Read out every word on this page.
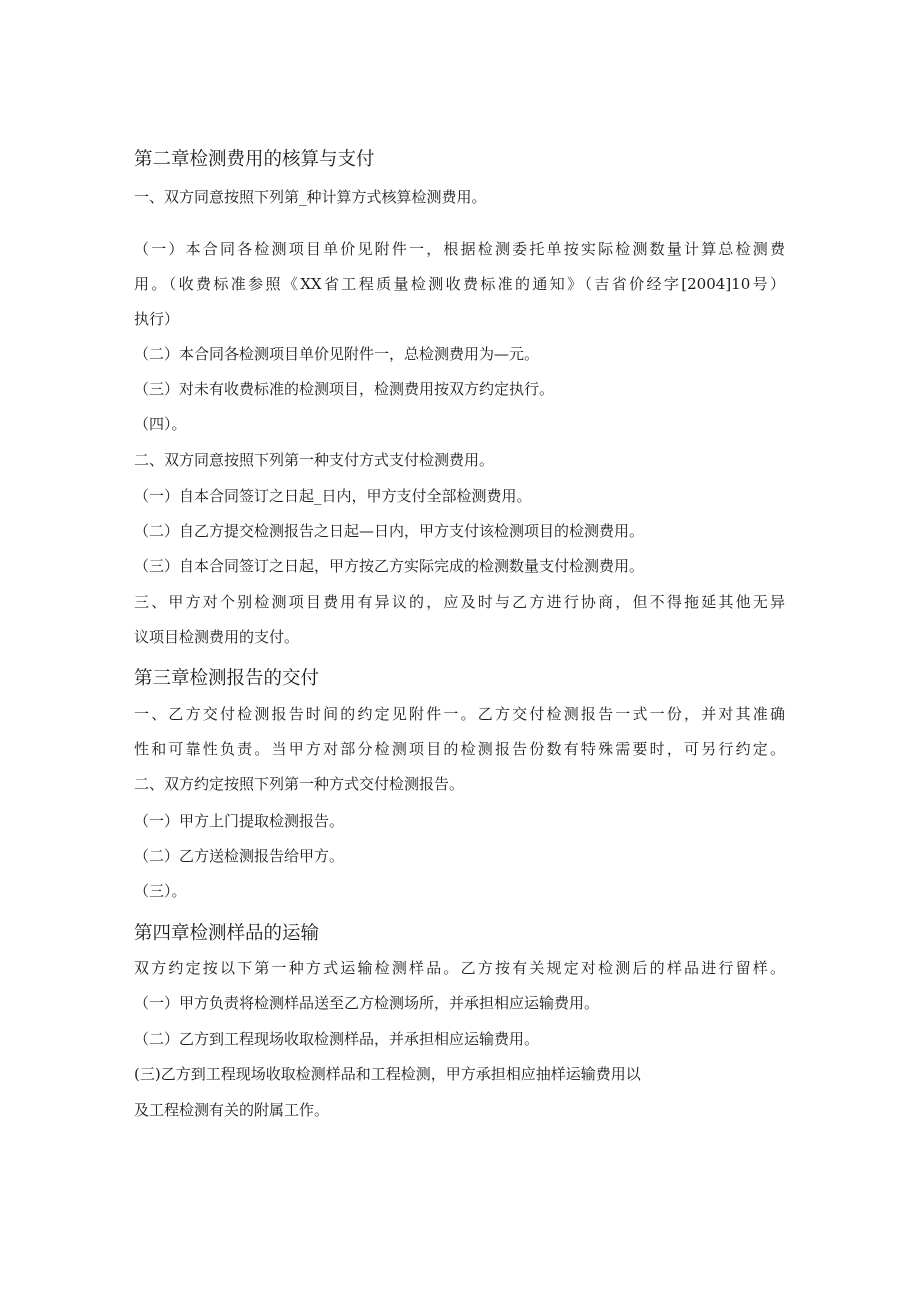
第二章检测费用的核算与支付
一、双方同意按照下列第_种计算方式核算检测费用。
（一）本合同各检测项目单价见附件一，根据检测委托单按实际检测数量计算总检测费
用。（收费标准参照《XX省工程质量检测收费标准的通知》（吉省价经字[2004]10号）
执行）
（二）本合同各检测项目单价见附件一，总检测费用为—元。
（三）对未有收费标准的检测项目，检测费用按双方约定执行。
（四）。
二、双方同意按照下列第一种支付方式支付检测费用。
（一）自本合同签订之日起_日内，甲方支付全部检测费用。
（二）自乙方提交检测报告之日起—日内，甲方支付该检测项目的检测费用。
（三）自本合同签订之日起，甲方按乙方实际完成的检测数量支付检测费用。
三、甲方对个别检测项目费用有异议的，应及时与乙方进行协商，但不得拖延其他无异
议项目检测费用的支付。
第三章检测报告的交付
一、乙方交付检测报告时间的约定见附件一。乙方交付检测报告一式一份，并对其准确
性和可靠性负责。当甲方对部分检测项目的检测报告份数有特殊需要时，可另行约定。
二、双方约定按照下列第一种方式交付检测报告。
（一）甲方上门提取检测报告。
（二）乙方送检测报告给甲方。
（三）。
第四章检测样品的运输
双方约定按以下第一种方式运输检测样品。乙方按有关规定对检测后的样品进行留样。
（一）甲方负责将检测样品送至乙方检测场所，并承担相应运输费用。
（二）乙方到工程现场收取检测样品，并承担相应运输费用。
(三)乙方到工程现场收取检测样品和工程检测，甲方承担相应抽样运输费用以
及工程检测有关的附属工作。
